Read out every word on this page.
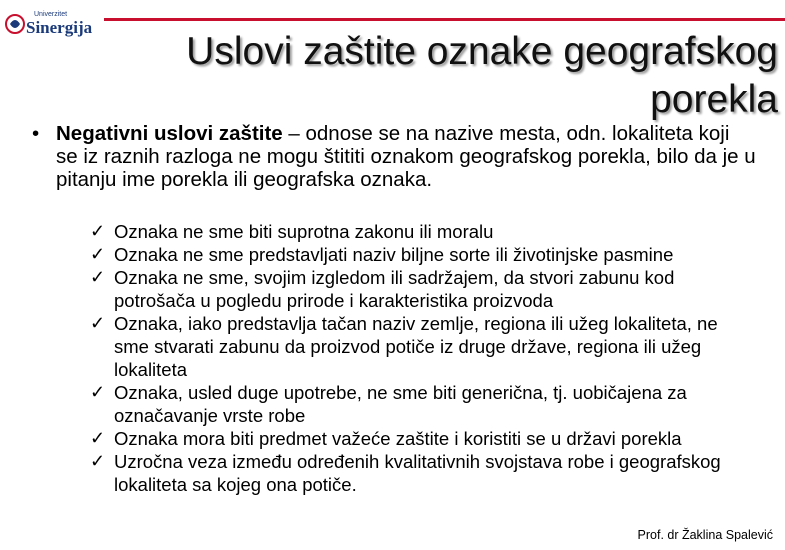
Univerzitet
Sinergija
Uslovi zaštite oznake geografskog porekla
• Negativni uslovi zaštite – odnose se na nazive mesta, odn. lokaliteta koji se iz raznih razloga ne mogu štititi oznakom geografskog porekla, bilo da je u pitanju ime porekla ili geografska oznaka.
✓ Oznaka ne sme biti suprotna zakonu ili moralu
✓ Oznaka ne sme predstavljati naziv biljne sorte ili životinjske pasmine
✓ Oznaka ne sme, svojim izgledom ili sadržajem, da stvori zabunu kod potrošača u pogledu prirode i karakteristika proizvoda
✓ Oznaka, iako predstavlja tačan naziv zemlje, regiona ili užeg lokaliteta, ne sme stvarati zabunu da proizvod potiče iz druge države, regiona ili užeg lokaliteta
✓ Oznaka, usled duge upotrebe, ne sme biti generična, tj. uobičajena za označavanje vrste robe
✓ Oznaka mora biti predmet važeće zaštite i koristiti se u državi porekla
✓ Uzročna veza između određenih kvalitativnih svojstava robe i geografskog lokaliteta sa kojeg ona potiče.
Prof. dr Žaklina Spalević
